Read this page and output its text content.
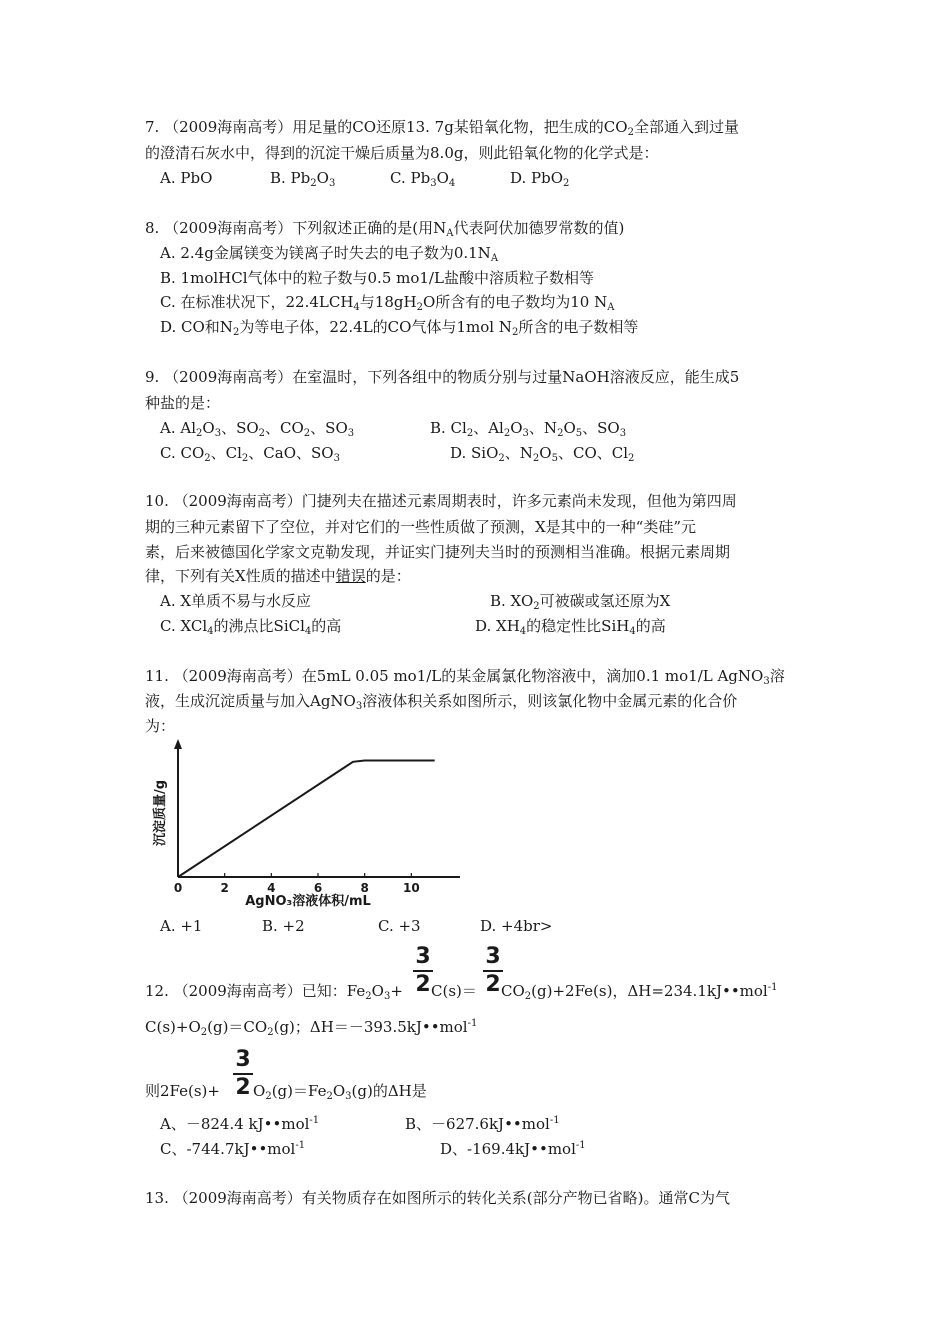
7. （2009海南高考）用足量的CO还原13. 7g某铅氧化物，把生成的$CO_2$全部通入到过量
的澄清石灰水中，得到的沉淀干燥后质量为8.0g，则此铅氧化物的化学式是：
A. PbO	B. $Pb_2O_3$	C. $Pb_3O_4$	D. PbO$_2$
8. （2009海南高考）下列叙述正确的是(用$N_A$代表阿伏加德罗常数的值)
A. 2.4g金属镁变为镁离子时失去的电子数为$0.1N_A$
B. 1molHCl气体中的粒子数与0.5 mo1/L盐酸中溶质粒子数相等
C. 在标准状况下，$22.4LCH_4$与$18gH_2O$所含有的电子数均为10 $N_A$
D. CO和$N_2$为等电子体，22.4L的CO气体与1mol $N_2$所含的电子数相等
9. （2009海南高考）在室温时，下列各组中的物质分别与过量NaOH溶液反应，能生成5
种盐的是：
A. $Al_2O_3$、$SO_2$、$CO_2$、$SO_3$	B. $Cl_2$、$Al_2O_3$、$N_2O_5$、$SO_3$
C. $CO_2$、$Cl_2$、CaO、$SO_3$	D. SiO$_2$、$N_2O_5$、CO、$Cl_2$
10. （2009海南高考）门捷列夫在描述元素周期表时，许多元素尚未发现，但他为第四周
期的三种元素留下了空位，并对它们的一些性质做了预测，X是其中的一种“类硅”元
素，后来被德国化学家文克勒发现，并证实门捷列夫当时的预测相当准确。根据元素周期
律，下列有关X性质的描述中错误的是：
A. X单质不易与水反应	B. $XO_2$可被碳或氢还原为X
C. XCl$_4$的沸点比SiCl$_4$的高	D. $XH_4$的稳定性比SiH$_4$的高
11. （2009海南高考）在5mL 0.05 mo1/L的某金属氯化物溶液中，滴加0.1 mo1/L AgNO$_3$溶
液，生成沉淀质量与加入AgNO$_3$溶液体积关系如图所示，则该氯化物中金属元素的化合价
为：
0	2	4	6	8	10
AgNO₃溶液体积/mL
沉淀质量/g
A. +1	B. +2	C. +3	D. +4br>
3
2
3
2
12. （2009海南高考）已知：$Fe_2O_3+ C(s)= CO_2(g)+2Fe(s)$，ΔH=234.1kJ••mol$^{-1}$
$C(s)+O_2(g)=CO_2(g)$；ΔH＝－393.5kJ••mol$^{-1}$
3
2
则$2Fe(s)+ O_2(g)=Fe_2O_3(g)$的ΔH是
A、－824.4 kJ••mol$^{-1}$	B、－627.6kJ••mol$^{-1}$
C、-744.7kJ••mol$^{-1}$	D、-169.4kJ••mol$^{-1}$
13. （2009海南高考）有关物质存在如图所示的转化关系(部分产物已省略)。通常C为气
